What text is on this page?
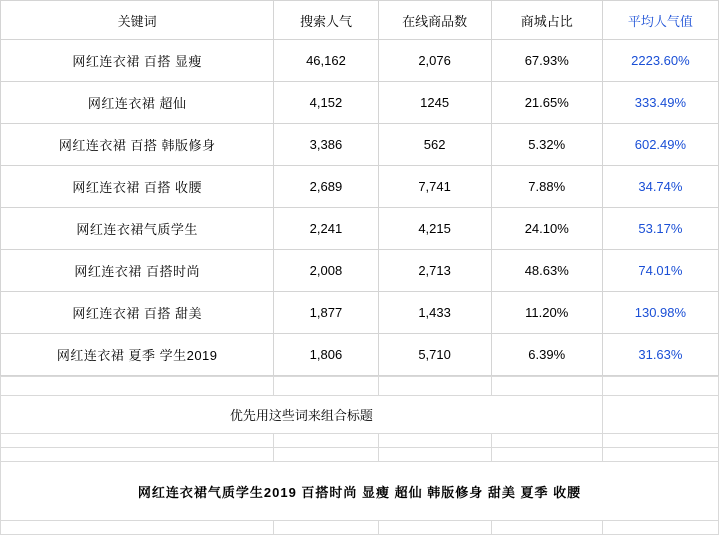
关键词	搜索人气	在线商品数	商城占比	平均人气值
网红连衣裙 百搭 显瘦	46,162	2,076	67.93%	2223.60%
网红连衣裙 超仙	4,152	1245	21.65%	333.49%
网红连衣裙 百搭 韩版修身	3,386	562	5.32%	602.49%
网红连衣裙 百搭 收腰	2,689	7,741	7.88%	34.74%
网红连衣裙气质学生	2,241	4,215	24.10%	53.17%
网红连衣裙 百搭时尚	2,008	2,713	48.63%	74.01%
网红连衣裙 百搭 甜美	1,877	1,433	11.20%	130.98%
网红连衣裙 夏季 学生2019	1,806	5,710	6.39%	31.63%

优先用这些词来组合标题				

网红连衣裙气质学生2019 百搭时尚 显瘦 超仙 韩版修身 甜美 夏季 收腰				
